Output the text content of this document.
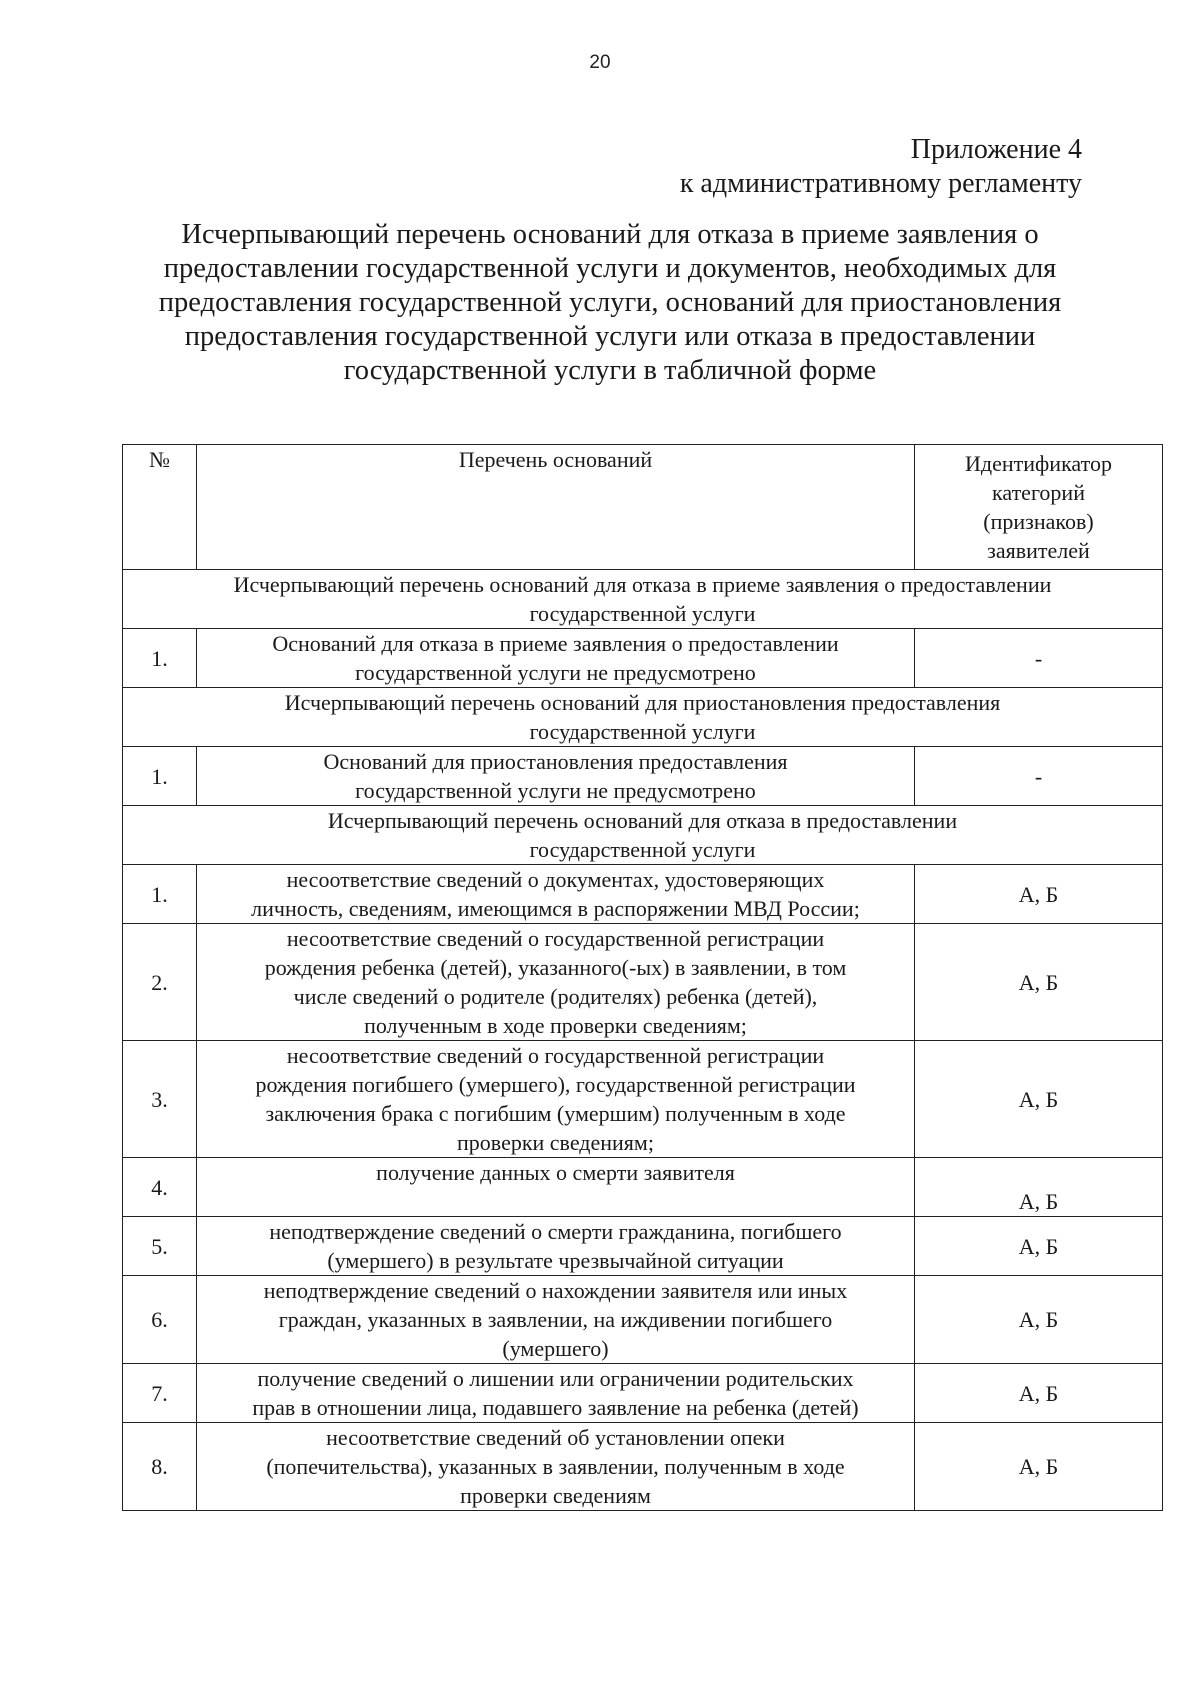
20
Приложение 4
к административному регламенту
Исчерпывающий перечень оснований для отказа в приеме заявления о
предоставлении государственной услуги и документов, необходимых для
предоставления государственной услуги, оснований для приостановления
предоставления государственной услуги или отказа в предоставлении
государственной услуги в табличной форме
№	Перечень оснований	Идентификатор
категорий
(признаков)
заявителей

Исчерпывающий перечень оснований для отказа в приеме заявления о предоставлении
государственной услуги		

1.	Оснований для отказа в приеме заявления о предоставлении
государственной услуги не предусмотрено	-

Исчерпывающий перечень оснований для приостановления предоставления
государственной услуги		

1.	Оснований для приостановления предоставления
государственной услуги не предусмотрено	-

Исчерпывающий перечень оснований для отказа в предоставлении
государственной услуги		

1.	несоответствие сведений о документах, удостоверяющих
личность, сведениям, имеющимся в распоряжении МВД России;	А, Б
2.	несоответствие сведений о государственной регистрации
рождения ребенка (детей), указанного(-ых) в заявлении, в том
числе сведений о родителе (родителях) ребенка (детей),
полученным в ходе проверки сведениям;	А, Б
3.	несоответствие сведений о государственной регистрации
рождения погибшего (умершего), государственной регистрации
заключения брака с погибшим (умершим) полученным в ходе
проверки сведениям;	А, Б
4.	получение данных о смерти заявителя	А, Б
5.	неподтверждение сведений о смерти гражданина, погибшего
(умершего) в результате чрезвычайной ситуации	А, Б
6.	неподтверждение сведений о нахождении заявителя или иных
граждан, указанных в заявлении, на иждивении погибшего
(умершего)	А, Б
7.	получение сведений о лишении или ограничении родительских
прав в отношении лица, подавшего заявление на ребенка (детей)	А, Б
8.	несоответствие сведений об установлении опеки
(попечительства), указанных в заявлении, полученным в ходе
проверки сведениям	А, Б
